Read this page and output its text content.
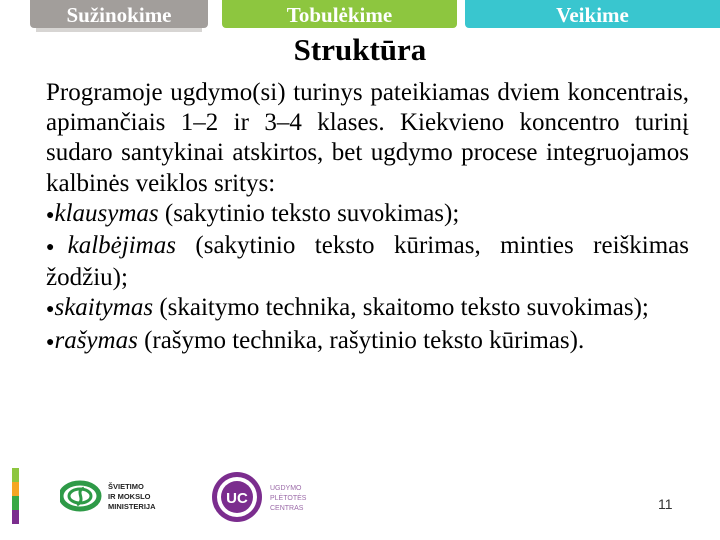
Sužinokime	Tobulėkime	Veikime
Struktūra

Programoje ugdymo(si) turinys pateikiamas dviem koncentrais, apimančiais 1–2 ir 3–4 klases. Kiekvieno koncentro turinį sudaro santykinai atskirtos, bet ugdymo procese integruojamos kalbinės veiklos sritys:

●klausymas (sakytinio teksto suvokimas);

●kalbėjimas (sakytinio teksto kūrimas, minties reiškimas žodžiu);

●skaitymas (skaitymo technika, skaitomo teksto suvokimas);

●rašymas (rašymo technika, rašytinio teksto kūrimas).

ŠVIETIMO
IR MOKSLO
MINISTERIJA	UC
UGDYMO
PLĖTOTĖS
CENTRAS	11
